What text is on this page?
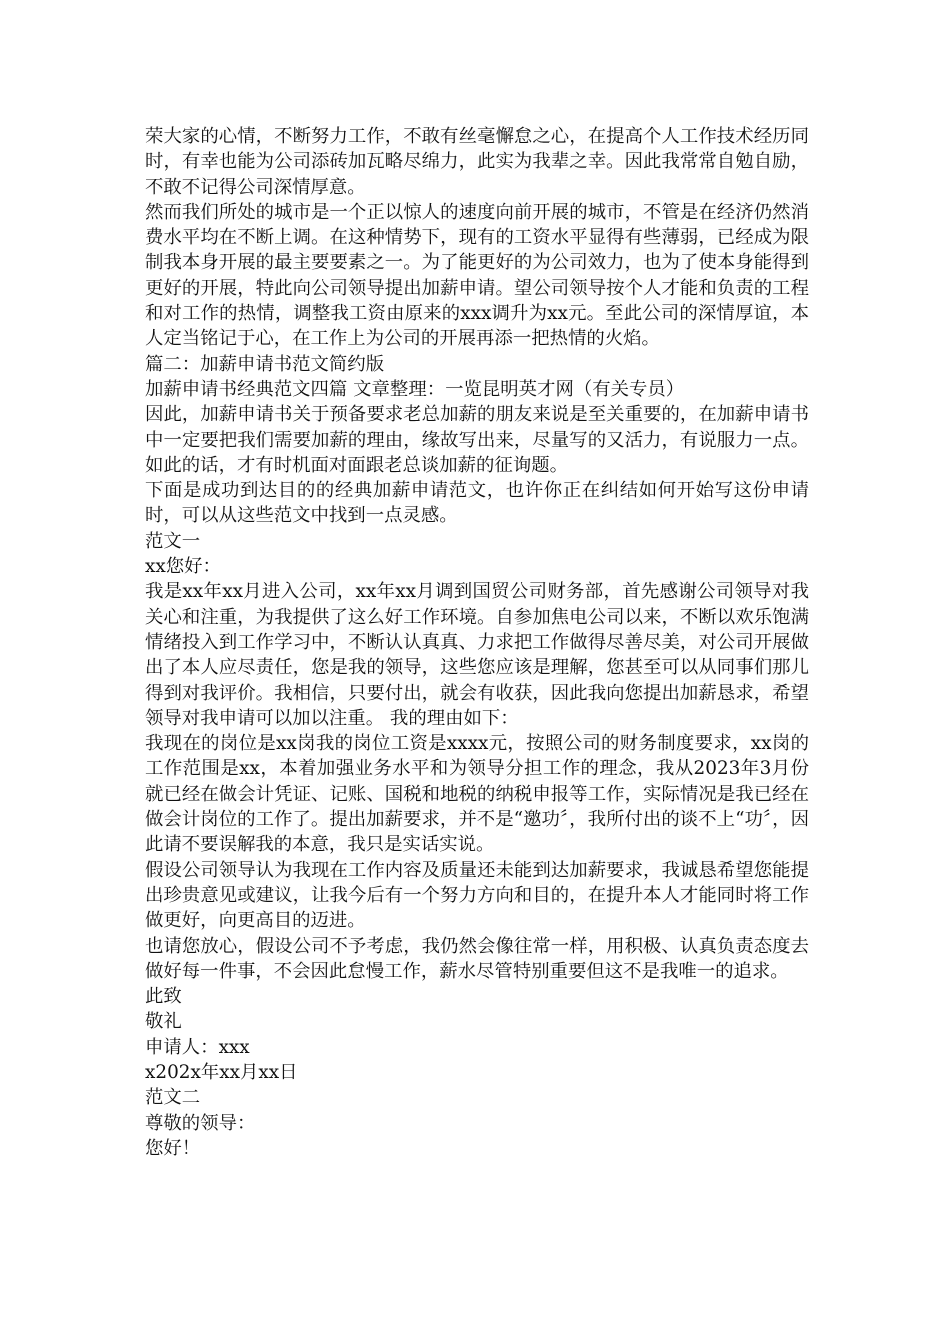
荣大家的心情，不断努力工作，不敢有丝毫懈怠之心，在提高个人工作技术经历同时，有幸也能为公司添砖加瓦略尽绵力，此实为我辈之幸。因此我常常自勉自励，不敢不记得公司深情厚意。

然而我们所处的城市是一个正以惊人的速度向前开展的城市，不管是在经济仍然消费水平均在不断上调。在这种情势下，现有的工资水平显得有些薄弱，已经成为限制我本身开展的最主要要素之一。为了能更好的为公司效力，也为了使本身能得到更好的开展，特此向公司领导提出加薪申请。望公司领导按个人才能和负责的工程和对工作的热情，调整我工资由原来的xxx调升为xx元。至此公司的深情厚谊，本人定当铭记于心，在工作上为公司的开展再添一把热情的火焰。

篇二：加薪申请书范文简约版

加薪申请书经典范文四篇 文章整理：一览昆明英才网（有关专员）

因此，加薪申请书关于预备要求老总加薪的朋友来说是至关重要的，在加薪申请书中一定要把我们需要加薪的理由，缘故写出来，尽量写的又活力，有说服力一点。如此的话，才有时机面对面跟老总谈加薪的征询题。

下面是成功到达目的的经典加薪申请范文，也许你正在纠结如何开始写这份申请时，可以从这些范文中找到一点灵感。

范文一

xx您好：

我是xx年xx月进入公司，xx年xx月调到国贸公司财务部，首先感谢公司领导对我关心和注重，为我提供了这么好工作环境。自参加焦电公司以来，不断以欢乐饱满情绪投入到工作学习中，不断认认真真、力求把工作做得尽善尽美，对公司开展做出了本人应尽责任，您是我的领导，这些您应该是理解，您甚至可以从同事们那儿得到对我评价。我相信，只要付出，就会有收获，因此我向您提出加薪恳求，希望领导对我申请可以加以注重。 我的理由如下：

我现在的岗位是xx岗我的岗位工资是xxxx元，按照公司的财务制度要求，xx岗的工作范围是xx，本着加强业务水平和为领导分担工作的理念，我从2023年3月份就已经在做会计凭证、记账、国税和地税的纳税申报等工作，实际情况是我已经在做会计岗位的工作了。提出加薪要求，并不是“邀功〞，我所付出的谈不上“功〞，因此请不要误解我的本意，我只是实话实说。

假设公司领导认为我现在工作内容及质量还未能到达加薪要求，我诚恳希望您能提出珍贵意见或建议，让我今后有一个努力方向和目的，在提升本人才能同时将工作做更好，向更高目的迈进。

也请您放心，假设公司不予考虑，我仍然会像往常一样，用积极、认真负责态度去做好每一件事，不会因此怠慢工作，薪水尽管特别重要但这不是我唯一的追求。

此致

敬礼

申请人：xxx

x202x年xx月xx日

范文二

尊敬的领导：

您好！
